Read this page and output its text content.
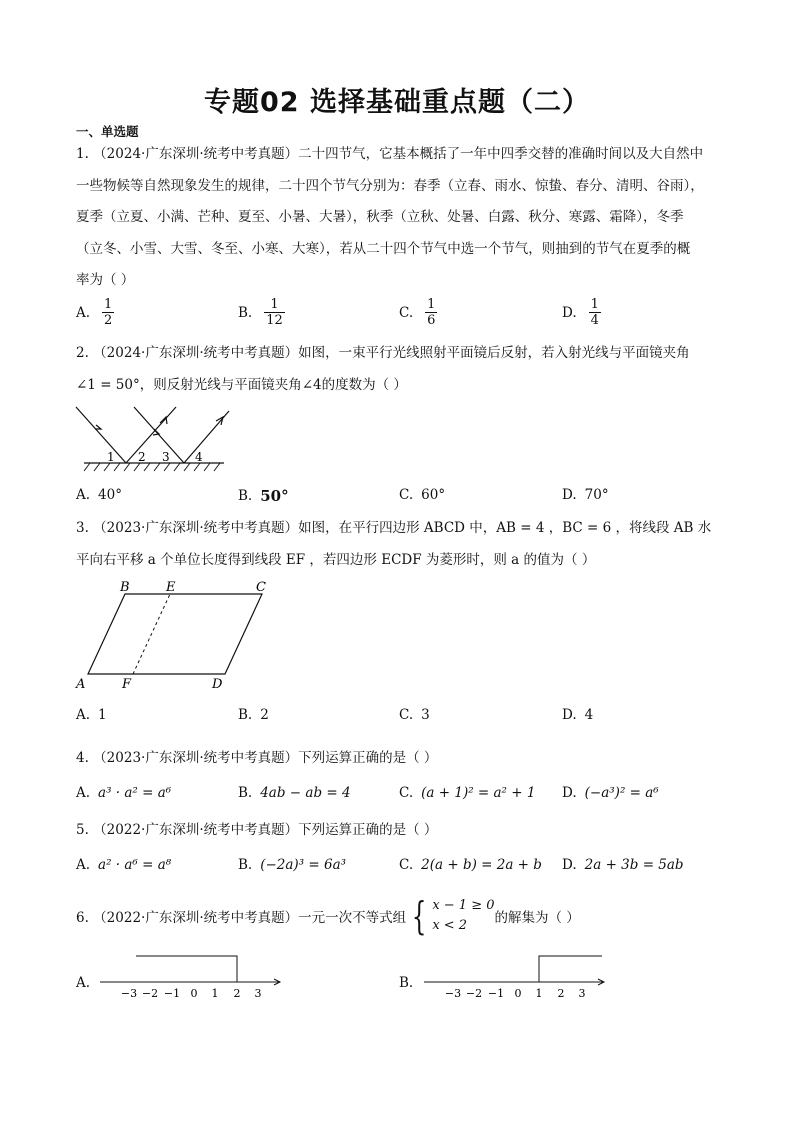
专题02 选择基础重点题（二）
一、单选题
1. （2024·广东深圳·统考中考真题）二十四节气，它基本概括了一年中四季交替的准确时间以及大自然中
一些物候等自然现象发生的规律，二十四个节气分别为：春季（立春、雨水、惊蛰、春分、清明、谷雨），
夏季（立夏、小满、芒种、夏至、小暑、大暑），秋季（立秋、处暑、白露、秋分、寒露、霜降），冬季
（立冬、小雪、大雪、冬至、小寒、大寒），若从二十四个节气中选一个节气，则抽到的节气在夏季的概
率为（ ）
A. $\frac{1}{2}$	B. $\frac{1}{12}$	C. $\frac{1}{6}$	D. $\frac{1}{4}$
2. （2024·广东深圳·统考中考真题）如图，一束平行光线照射平面镜后反射，若入射光线与平面镜夹角
∠1 = 50°，则反射光线与平面镜夹角∠4的度数为（ ）
1 2 3 4
A. 40°	B. 50°	C. 60°	D. 70°
3. （2023·广东深圳·统考中考真题）如图，在平行四边形 ABCD 中，AB = 4 ，BC = 6 ，将线段 AB 水
平向右平移 a 个单位长度得到线段 EF ，若四边形 ECDF 为菱形时，则 a 的值为（ ）
B	E	C
A	F	D
A. 1	B. 2	C. 3	D. 4
4. （2023·广东深圳·统考中考真题）下列运算正确的是（ ）
A. a³ · a² = a⁶	B. 4ab − ab = 4	C. (a + 1)² = a² + 1 D. (−a³)² = a⁶
5. （2022·广东深圳·统考中考真题）下列运算正确的是（ ）
A. a² · a⁶ = a⁸	B. (−2a)³ = 6a³	C. 2(a + b) = 2a + b D. 2a + 3b = 5ab
6. （2022·广东深圳·统考中考真题）一元一次不等式组 { x − 1 ≥ 0
x < 2	的解集为（ ）
A.
−3 −2 −1 0 1 2 3
B.
−3 −2 −1 0 1 2 3
